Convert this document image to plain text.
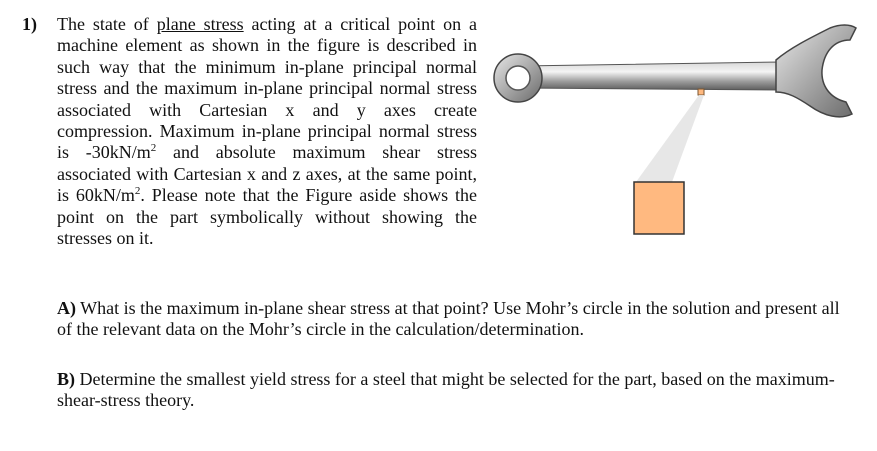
1) The state of plane stress acting at a critical point on a machine element as shown in the figure is described in such way that the minimum in-plane principal normal stress and the maximum in-plane principal normal stress associated with Cartesian x and y axes create compression. Maximum in-plane principal normal stress is $-30kN/m^2$ and absolute maximum shear stress associated with Cartesian x and z axes, at the same point, is $60kN/m^2$. Please note that the Figure aside shows the point on the part symbolically without showing the stresses on it.

A) What is the maximum in-plane shear stress at that point? Use Mohr’s circle in the solution and present all of the relevant data on the Mohr’s circle in the calculation/determination.

B) Determine the smallest yield stress for a steel that might be selected for the part, based on the maximum-shear-stress theory.
